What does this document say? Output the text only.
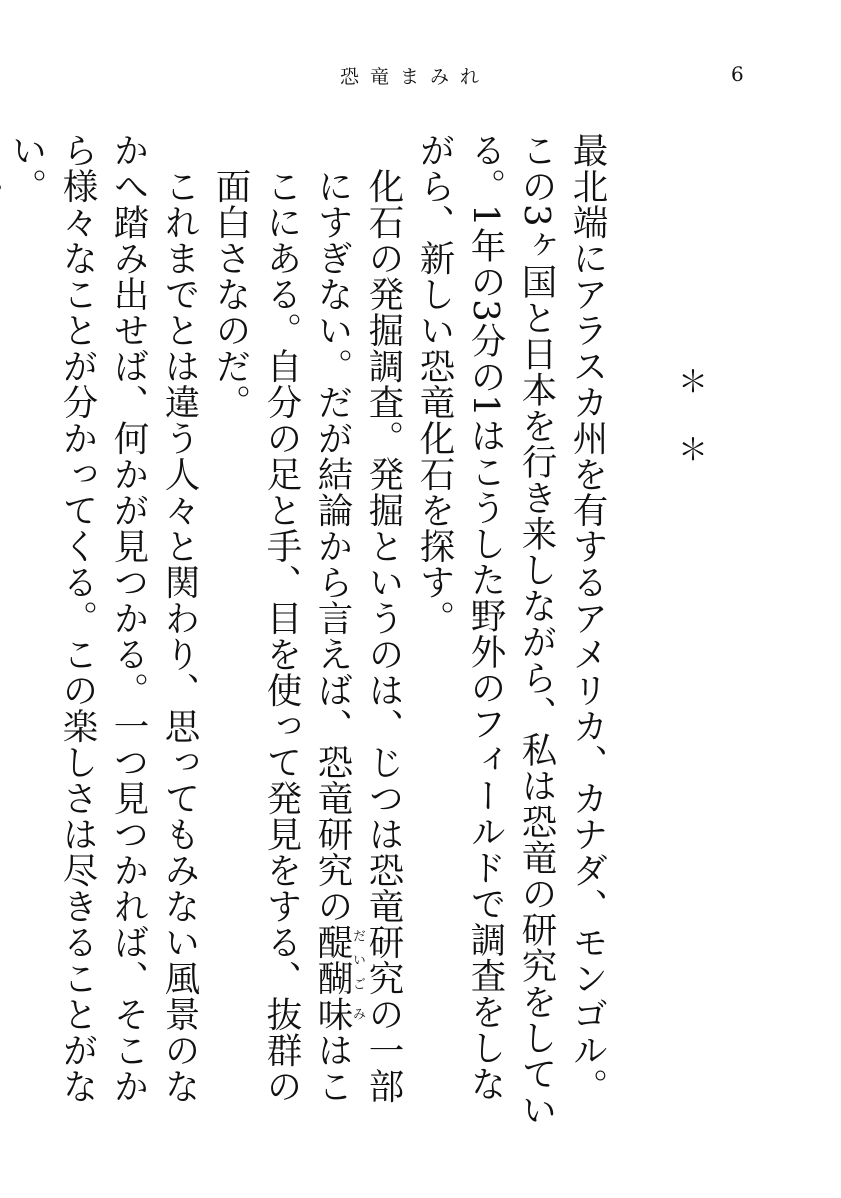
恐竜まみれ	6
＊
＊

最北端にアラスカ州を有するアメリカ、カナダ、モンゴル。この3ヶ国と日本を行き来しながら、私は恐竜の研究をしている。1年の3分の1はこうした野外のフィールドで調査をしながら、新しい恐竜化石を探す。

化石の発掘調査。発掘というのは、じつは恐竜研究の一部にすぎない。だが結論から言えば、恐竜研究の醍醐だいご味みはここにある。自分の足と手、目を使って発見をする、抜群の面白さなのだ。

これまでとは違う人々と関わり、思ってもみない風景のなかへ踏み出せば、何かが見つかる。一つ見つかれば、そこから様々なことが分かってくる。この楽しさは尽きることがない。
